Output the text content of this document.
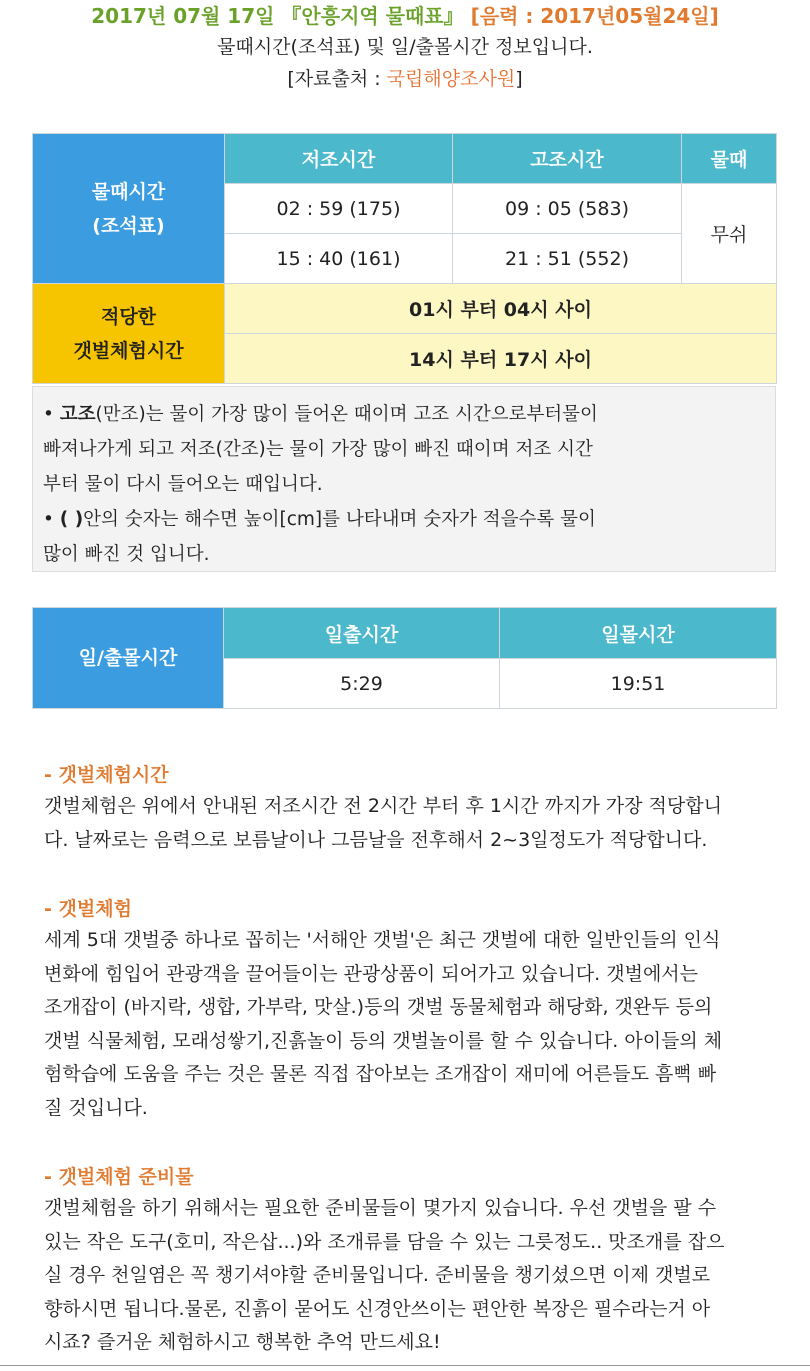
2017년 07월 17일 『안흥지역 물때표』 [음력 : 2017년05월24일]
물때시간(조석표) 및 일/출몰시간 정보입니다.
[자료출처 : 국립해양조사원]
물때시간
(조석표)	저조시간	고조시간	물때
	02 : 59 (175)	09 : 05 (583)	무쉬
	15 : 40 (161)	21 : 51 (552)	

적당한
갯벌체험시간	01시 부터 04시 사이		
	14시 부터 17시 사이		
• 고조(만조)는 물이 가장 많이 들어온 때이며 고조 시간으로부터물이
빠져나가게 되고 저조(간조)는 물이 가장 많이 빠진 때이며 저조 시간
부터 물이 다시 들어오는 때입니다.
• ( )안의 숫자는 해수면 높이[cm]를 나타내며 숫자가 적을수록 물이
많이 빠진 것 입니다.
일/출몰시간	일출시간	일몰시간
	5:29	19:51
- 갯벌체험시간
갯벌체험은 위에서 안내된 저조시간 전 2시간 부터 후 1시간 까지가 가장 적당합니
다. 날짜로는 음력으로 보름날이나 그믐날을 전후해서 2~3일정도가 적당합니다.
- 갯벌체험
세계 5대 갯벌중 하나로 꼽히는 '서해안 갯벌'은 최근 갯벌에 대한 일반인들의 인식
변화에 힘입어 관광객을 끌어들이는 관광상품이 되어가고 있습니다. 갯벌에서는
조개잡이 (바지락, 생합, 가부락, 맛살.)등의 갯벌 동물체험과 해당화, 갯완두 등의
갯벌 식물체험, 모래성쌓기,진흙놀이 등의 갯벌놀이를 할 수 있습니다. 아이들의 체
험학습에 도움을 주는 것은 물론 직접 잡아보는 조개잡이 재미에 어른들도 흠뻑 빠
질 것입니다.
- 갯벌체험 준비물
갯벌체험을 하기 위해서는 필요한 준비물들이 몇가지 있습니다. 우선 갯벌을 팔 수
있는 작은 도구(호미, 작은삽...)와 조개류를 담을 수 있는 그릇정도.. 맛조개를 잡으
실 경우 천일염은 꼭 챙기셔야할 준비물입니다. 준비물을 챙기셨으면 이제 갯벌로
향하시면 됩니다.물론, 진흙이 묻어도 신경안쓰이는 편안한 복장은 필수라는거 아
시죠? 즐거운 체험하시고 행복한 추억 만드세요!
